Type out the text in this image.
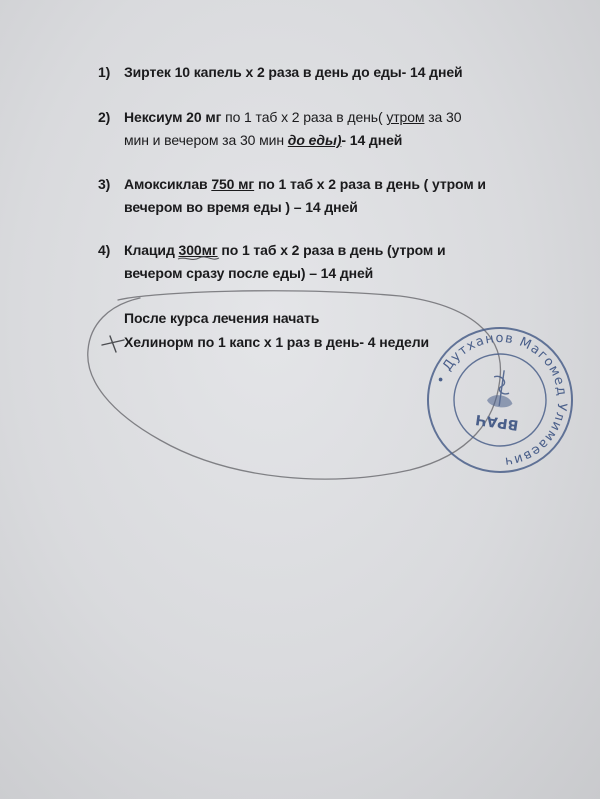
1) Зиртек 10 капель х 2 раза в день до еды- 14 дней

2) Нексиум 20 мг по 1 таб х 2 раза в день( утром за 30

мин и вечером за 30 мин до еды)- 14 дней

3) Амоксиклав 750 мг по 1 таб х 2 раза в день ( утром и

вечером во время еды ) – 14 дней

4) Клацид 300мг по 1 таб х 2 раза в день (утром и

вечером сразу после еды) – 14 дней

После курса лечения начать

Хелинорм по 1 капс х 1 раз в день- 4 недели

• Дутханов Магомед Улимаевич
ВРАЧ
